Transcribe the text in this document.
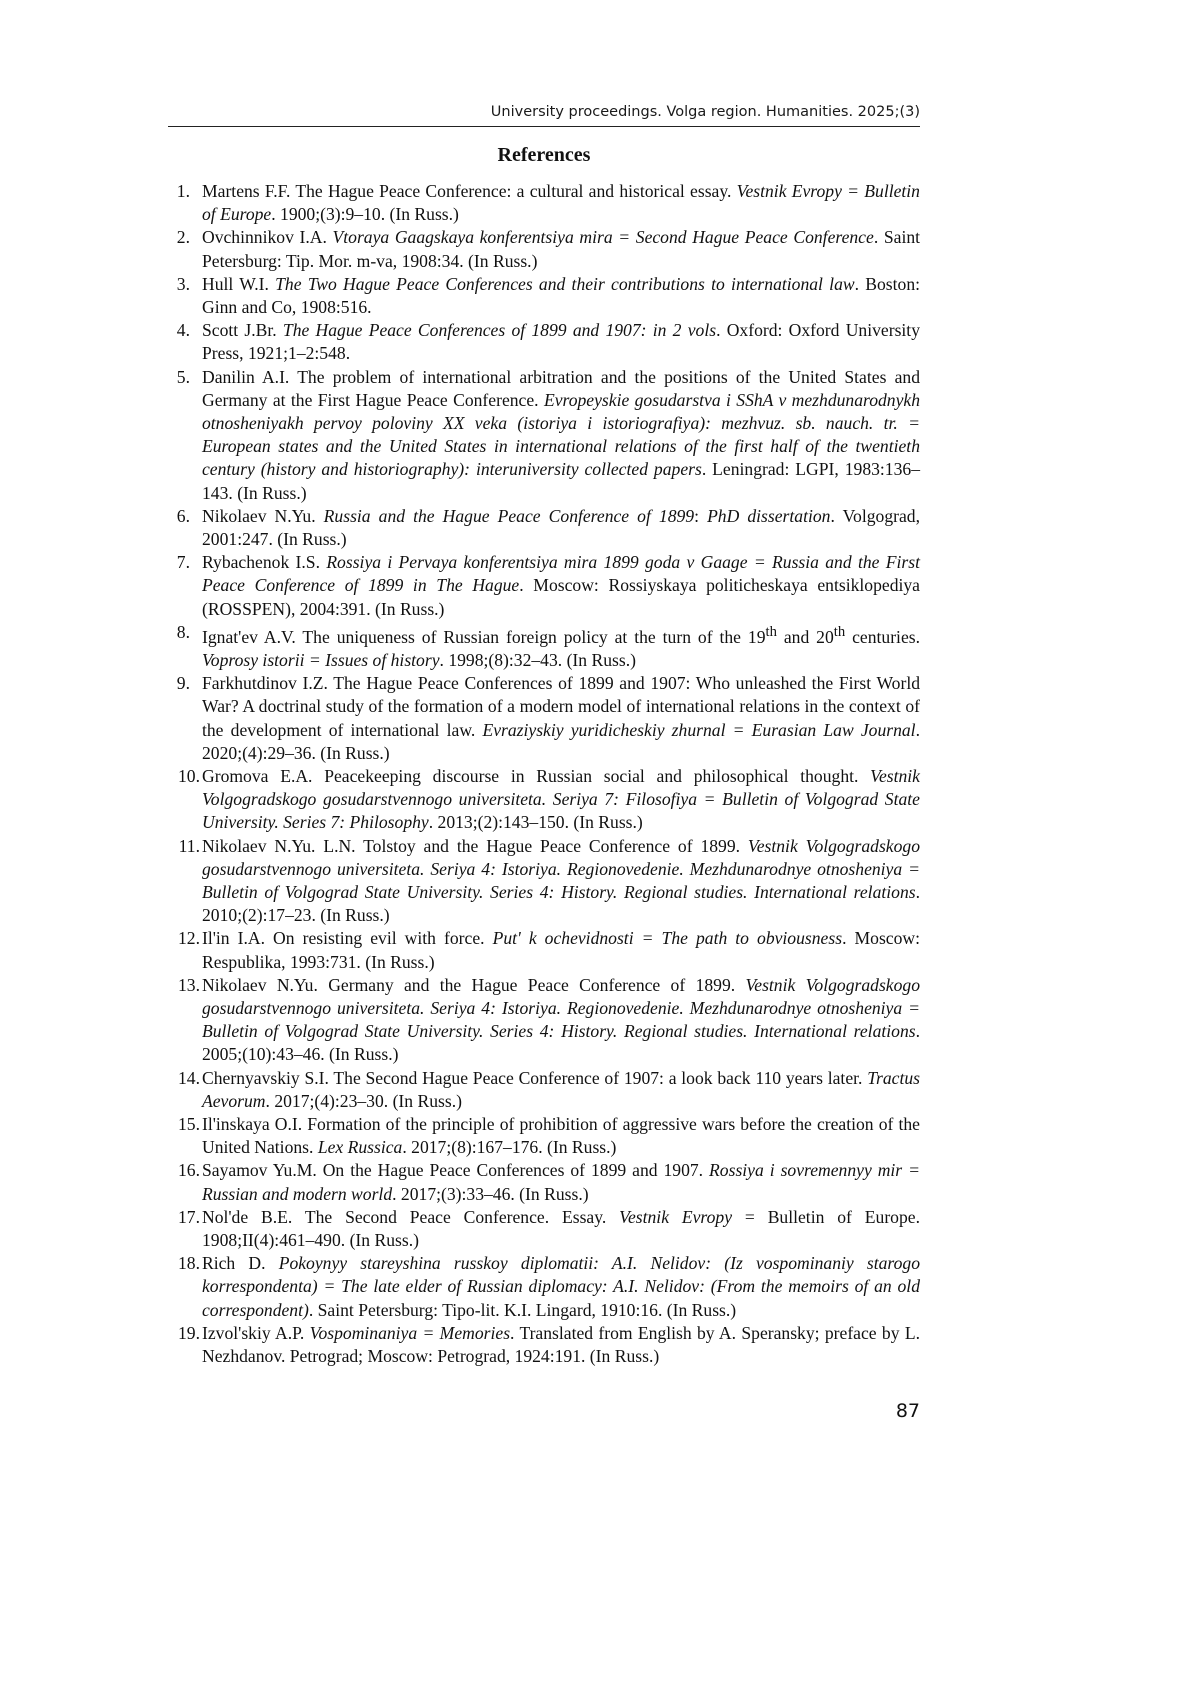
University proceedings. Volga region. Humanities. 2025;(3)
References
1. Martens F.F. The Hague Peace Conference: a cultural and historical essay. Vestnik Evropy = Bulletin of Europe. 1900;(3):9–10. (In Russ.)
2. Ovchinnikov I.A. Vtoraya Gaagskaya konferentsiya mira = Second Hague Peace Conference. Saint Petersburg: Tip. Mor. m-va, 1908:34. (In Russ.)
3. Hull W.I. The Two Hague Peace Conferences and their contributions to international law. Boston: Ginn and Co, 1908:516.
4. Scott J.Br. The Hague Peace Conferences of 1899 and 1907: in 2 vols. Oxford: Oxford University Press, 1921;1–2:548.
5. Danilin A.I. The problem of international arbitration and the positions of the United States and Germany at the First Hague Peace Conference. Evropeyskie gosudarstva i SShA v mezhdunarodnykh otnosheniyakh pervoy poloviny XX veka (istoriya i istoriografiya): mezhvuz. sb. nauch. tr. = European states and the United States in international relations of the first half of the twentieth century (history and historiography): interuniversity collected papers. Leningrad: LGPI, 1983:136–143. (In Russ.)
6. Nikolaev N.Yu. Russia and the Hague Peace Conference of 1899: PhD dissertation. Volgograd, 2001:247. (In Russ.)
7. Rybachenok I.S. Rossiya i Pervaya konferentsiya mira 1899 goda v Gaage = Russia and the First Peace Conference of 1899 in The Hague. Moscow: Rossiyskaya politicheskaya entsiklopediya (ROSSPEN), 2004:391. (In Russ.)
8. Ignat'ev A.V. The uniqueness of Russian foreign policy at the turn of the 19th and 20th centuries. Voprosy istorii = Issues of history. 1998;(8):32–43. (In Russ.)
9. Farkhutdinov I.Z. The Hague Peace Conferences of 1899 and 1907: Who unleashed the First World War? A doctrinal study of the formation of a modern model of international relations in the context of the development of international law. Evraziyskiy yuridicheskiy zhurnal = Eurasian Law Journal. 2020;(4):29–36. (In Russ.)
10. Gromova E.A. Peacekeeping discourse in Russian social and philosophical thought. Vestnik Volgogradskogo gosudarstvennogo universiteta. Seriya 7: Filosofiya = Bulletin of Volgograd State University. Series 7: Philosophy. 2013;(2):143–150. (In Russ.)
11. Nikolaev N.Yu. L.N. Tolstoy and the Hague Peace Conference of 1899. Vestnik Volgogradskogo gosudarstvennogo universiteta. Seriya 4: Istoriya. Regionovedenie. Mezhdunarodnye otnosheniya = Bulletin of Volgograd State University. Series 4: History. Regional studies. International relations. 2010;(2):17–23. (In Russ.)
12. Il'in I.A. On resisting evil with force. Put' k ochevidnosti = The path to obviousness. Moscow: Respublika, 1993:731. (In Russ.)
13. Nikolaev N.Yu. Germany and the Hague Peace Conference of 1899. Vestnik Volgogradskogo gosudarstvennogo universiteta. Seriya 4: Istoriya. Regionovedenie. Mezhdunarodnye otnosheniya = Bulletin of Volgograd State University. Series 4: History. Regional studies. International relations. 2005;(10):43–46. (In Russ.)
14. Chernyavskiy S.I. The Second Hague Peace Conference of 1907: a look back 110 years later. Tractus Aevorum. 2017;(4):23–30. (In Russ.)
15. Il'inskaya O.I. Formation of the principle of prohibition of aggressive wars before the creation of the United Nations. Lex Russica. 2017;(8):167–176. (In Russ.)
16. Sayamov Yu.M. On the Hague Peace Conferences of 1899 and 1907. Rossiya i sovremennyy mir = Russian and modern world. 2017;(3):33–46. (In Russ.)
17. Nol'de B.E. The Second Peace Conference. Essay. Vestnik Evropy = Bulletin of Europe. 1908;II(4):461–490. (In Russ.)
18. Rich D. Pokoynyy stareyshina russkoy diplomatii: A.I. Nelidov: (Iz vospominaniy starogo korrespondenta) = The late elder of Russian diplomacy: A.I. Nelidov: (From the memoirs of an old correspondent). Saint Petersburg: Tipo-lit. K.I. Lingard, 1910:16. (In Russ.)
19. Izvol'skiy A.P. Vospominaniya = Memories. Translated from English by A. Speransky; preface by L. Nezhdanov. Petrograd; Moscow: Petrograd, 1924:191. (In Russ.)
87
